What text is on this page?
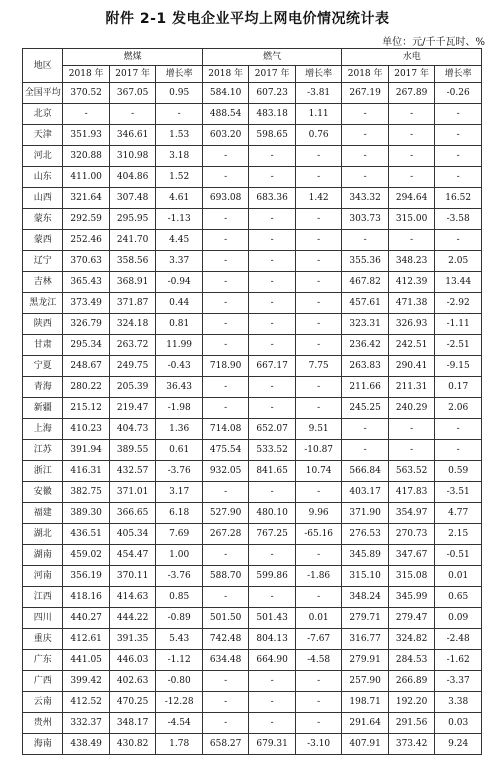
附件 2-1 发电企业平均上网电价情况统计表
单位：元/千千瓦时、%
地区	燃煤			燃气			水电		
	2018 年	2017 年	增长率	2018 年	2017 年	增长率	2018 年	2017 年	增长率
全国平均	370.52	367.05	0.95	584.10	607.23	-3.81	267.19	267.89	-0.26
北京	-	-	-	488.54	483.18	1.11	-	-	-
天津	351.93	346.61	1.53	603.20	598.65	0.76	-	-	-
河北	320.88	310.98	3.18	-	-	-	-	-	-
山东	411.00	404.86	1.52	-	-	-	-	-	-
山西	321.64	307.48	4.61	693.08	683.36	1.42	343.32	294.64	16.52
蒙东	292.59	295.95	-1.13	-	-	-	303.73	315.00	-3.58
蒙西	252.46	241.70	4.45	-	-	-	-	-	-
辽宁	370.63	358.56	3.37	-	-	-	355.36	348.23	2.05
吉林	365.43	368.91	-0.94	-	-	-	467.82	412.39	13.44
黑龙江	373.49	371.87	0.44	-	-	-	457.61	471.38	-2.92
陕西	326.79	324.18	0.81	-	-	-	323.31	326.93	-1.11
甘肃	295.34	263.72	11.99	-	-	-	236.42	242.51	-2.51
宁夏	248.67	249.75	-0.43	718.90	667.17	7.75	263.83	290.41	-9.15
青海	280.22	205.39	36.43	-	-	-	211.66	211.31	0.17
新疆	215.12	219.47	-1.98	-	-	-	245.25	240.29	2.06
上海	410.23	404.73	1.36	714.08	652.07	9.51	-	-	-
江苏	391.94	389.55	0.61	475.54	533.52	-10.87	-	-	-
浙江	416.31	432.57	-3.76	932.05	841.65	10.74	566.84	563.52	0.59
安徽	382.75	371.01	3.17	-	-	-	403.17	417.83	-3.51
福建	389.30	366.65	6.18	527.90	480.10	9.96	371.90	354.97	4.77
湖北	436.51	405.34	7.69	267.28	767.25	-65.16	276.53	270.73	2.15
湖南	459.02	454.47	1.00	-	-	-	345.89	347.67	-0.51
河南	356.19	370.11	-3.76	588.70	599.86	-1.86	315.10	315.08	0.01
江西	418.16	414.63	0.85	-	-	-	348.24	345.99	0.65
四川	440.27	444.22	-0.89	501.50	501.43	0.01	279.71	279.47	0.09
重庆	412.61	391.35	5.43	742.48	804.13	-7.67	316.77	324.82	-2.48
广东	441.05	446.03	-1.12	634.48	664.90	-4.58	279.91	284.53	-1.62
广西	399.42	402.63	-0.80	-	-	-	257.90	266.89	-3.37
云南	412.52	470.25	-12.28	-	-	-	198.71	192.20	3.38
贵州	332.37	348.17	-4.54	-	-	-	291.64	291.56	0.03
海南	438.49	430.82	1.78	658.27	679.31	-3.10	407.91	373.42	9.24
